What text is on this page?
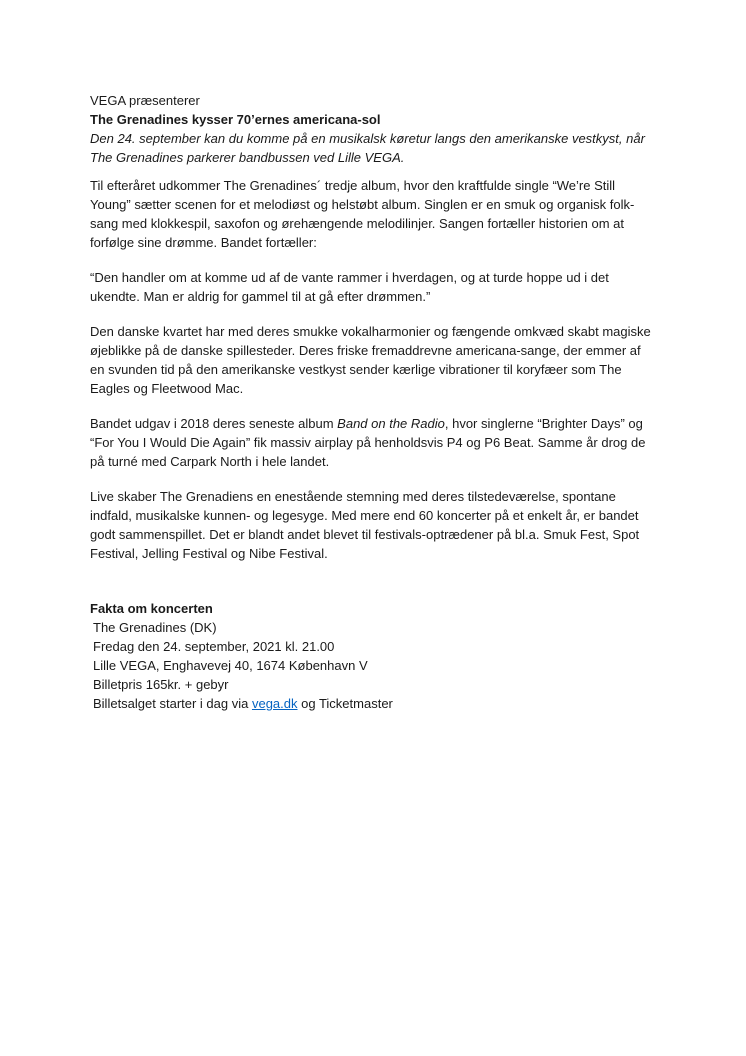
VEGA præsenterer

The Grenadines kysser 70’ernes americana-sol

Den 24. september kan du komme på en musikalsk køretur langs den amerikanske vestkyst, når The Grenadines parkerer bandbussen ved Lille VEGA.

Til efteråret udkommer The Grenadines´ tredje album, hvor den kraftfulde single “We’re Still Young” sætter scenen for et melodiøst og helstøbt album. Singlen er en smuk og organisk folk-sang med klokkespil, saxofon og ørehængende melodilinjer. Sangen fortæller historien om at forfølge sine drømme. Bandet fortæller:

“Den handler om at komme ud af de vante rammer i hverdagen, og at turde hoppe ud i det ukendte. Man er aldrig for gammel til at gå efter drømmen.”

Den danske kvartet har med deres smukke vokalharmonier og fængende omkvæd skabt magiske øjeblikke på de danske spillesteder. Deres friske fremaddrevne americana-sange, der emmer af en svunden tid på den amerikanske vestkyst sender kærlige vibrationer til koryfæer som The Eagles og Fleetwood Mac.

Bandet udgav i 2018 deres seneste album Band on the Radio, hvor singlerne “Brighter Days” og “For You I Would Die Again” fik massiv airplay på henholdsvis P4 og P6 Beat. Samme år drog de på turné med Carpark North i hele landet.

Live skaber The Grenadiens en enestående stemning med deres tilstedeværelse, spontane indfald, musikalske kunnen- og legesyge. Med mere end 60 koncerter på et enkelt år, er bandet godt sammenspillet. Det er blandt andet blevet til festivals-optrædener på bl.a. Smuk Fest, Spot Festival, Jelling Festival og Nibe Festival.

Fakta om koncerten

The Grenadines (DK)
Fredag den 24. september, 2021 kl. 21.00
Lille VEGA, Enghavevej 40, 1674 København V
Billetpris 165kr. + gebyr
Billetsalget starter i dag via vega.dk og Ticketmaster
